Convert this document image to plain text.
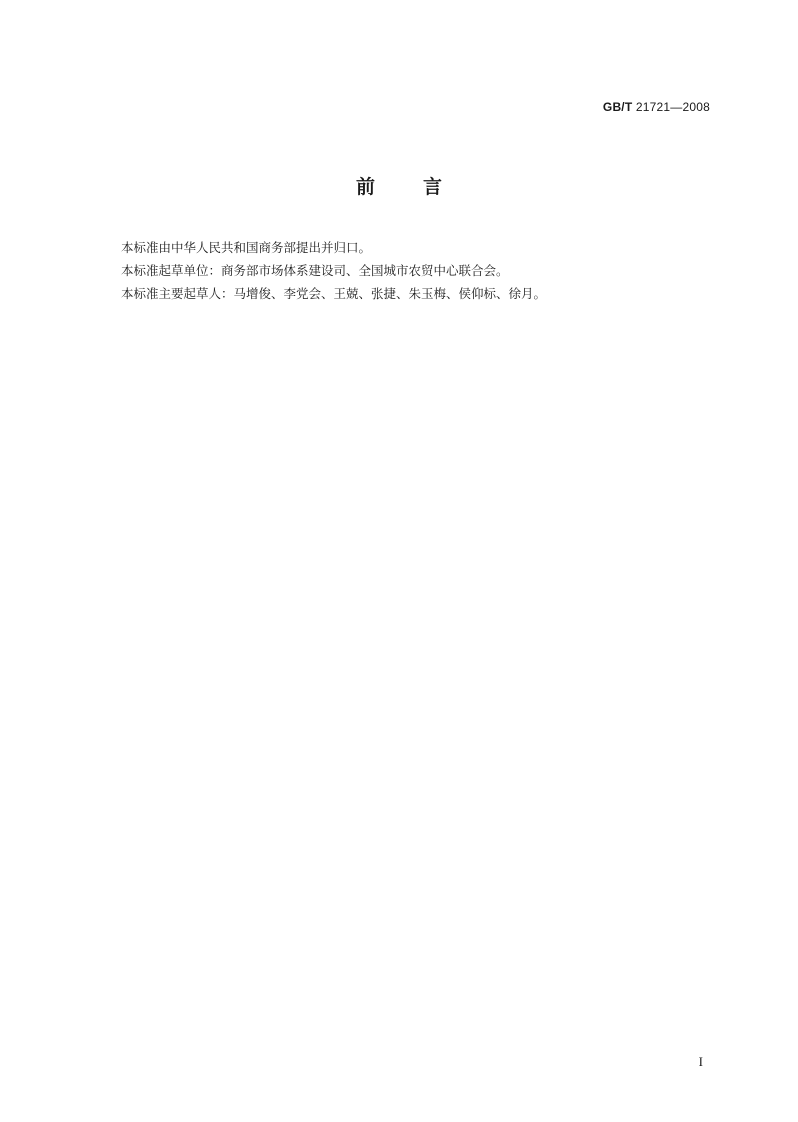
GB/T 21721—2008
前言
本标准由中华人民共和国商务部提出并归口。
本标准起草单位：商务部市场体系建设司、全国城市农贸中心联合会。
本标准主要起草人：马增俊、李党会、王兢、张捷、朱玉梅、侯仰标、徐月。
I
